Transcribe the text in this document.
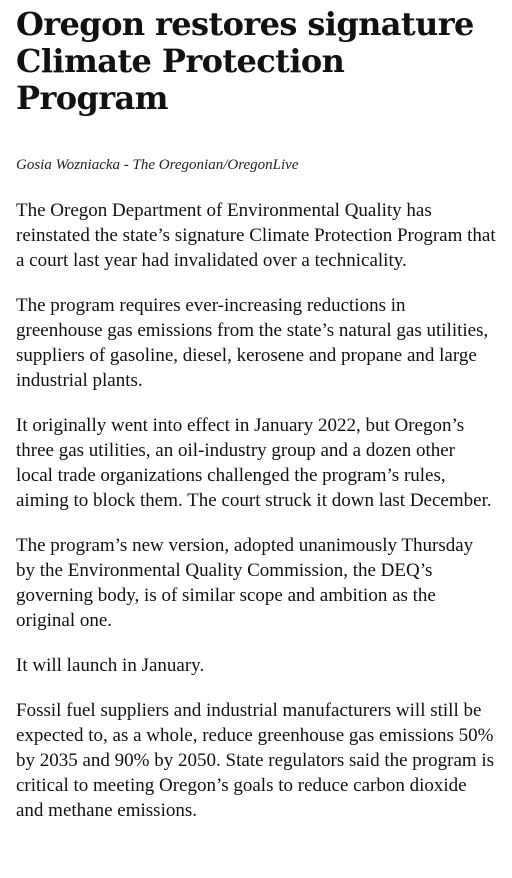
Oregon restores signature Climate Protection Program

Gosia Wozniacka - The Oregonian/OregonLive

The Oregon Department of Environmental Quality has reinstated the state’s signature Climate Protection Program that a court last year had invalidated over a technicality.

The program requires ever-increasing reductions in greenhouse gas emissions from the state’s natural gas utilities, suppliers of gasoline, diesel, kerosene and propane and large industrial plants.

It originally went into effect in January 2022, but Oregon’s three gas utilities, an oil-industry group and a dozen other local trade organizations challenged the program’s rules, aiming to block them. The court struck it down last December.

The program’s new version, adopted unanimously Thursday by the Environmental Quality Commission, the DEQ’s governing body, is of similar scope and ambition as the original one.

It will launch in January.

Fossil fuel suppliers and industrial manufacturers will still be expected to, as a whole, reduce greenhouse gas emissions 50% by 2035 and 90% by 2050. State regulators said the program is critical to meeting Oregon’s goals to reduce carbon dioxide and methane emissions.
